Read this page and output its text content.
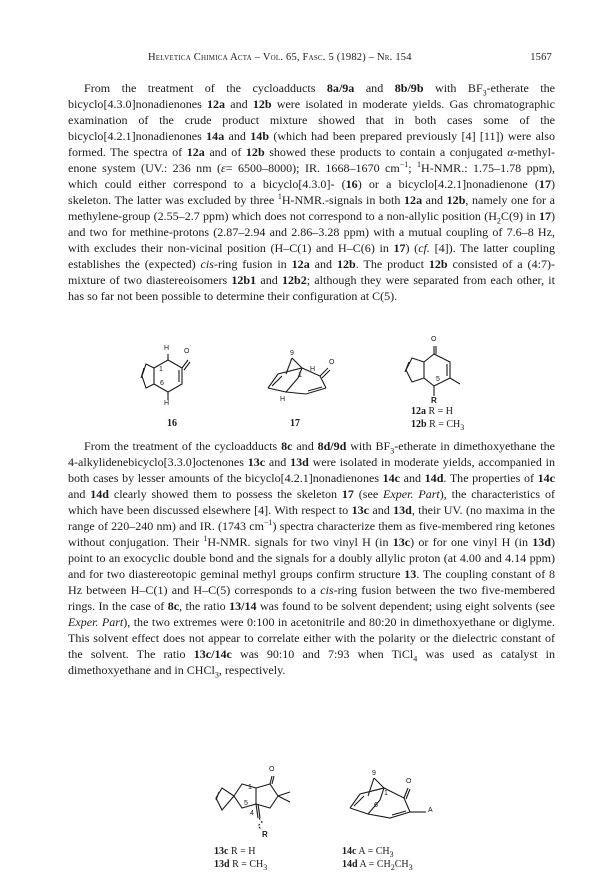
Helvetica Chimica Acta – Vol. 65, Fasc. 5 (1982) – Nr. 154	1567

From the treatment of the cycloadducts 8a/9a and 8b/9b with $BF_3$-etherate the bicyclo[4.3.0]nonadienones 12a and 12b were isolated in moderate yields. Gas chromatographic examination of the crude product mixture showed that in both cases some of the bicyclo[4.2.1]nonadienones 14a and 14b (which had been prepared previously [4] [11]) were also formed. The spectra of 12a and of 12b showed these products to contain a conjugated α-methyl-enone system (UV.: 236 nm (ε= 6500–8000); IR. 1668–1670 $cm^{-1}$; $^1$H-NMR.: 1.75–1.78 ppm), which could either correspond to a bicyclo[4.3.0]- (16) or a bicyclo[4.2.1]nonadienone (17) skeleton. The latter was excluded by three $^1$H-NMR.-signals in both 12a and 12b, namely one for a methylene-group (2.55–2.7 ppm) which does not correspond to a non-allylic position ($H_2C(9)$ in 17) and two for methine-protons (2.87–2.94 and 2.86–3.28 ppm) with a mutual coupling of 7.6–8 Hz, with excludes their non-vicinal position (H–C(1) and H–C(6) in 17) (cf. [4]). The latter coupling establishes the (expected) cis-ring fusion in 12a and 12b. The product 12b consisted of a (4:7)-mixture of two diastereoisomers 12b1 and 12b2; although they were separated from each other, it has so far not been possible to determine their configuration at C(5).

H O
1
6
H
16
O
9
H
H
1
17
O
5
R
12a R = H
12b $R = CH_3$

From the treatment of the cycloadducts 8c and 8d/9d with $BF_3$-etherate in dimethoxyethane the 4-alkylidenebicyclo[3.3.0]octenones 13c and 13d were isolated in moderate yields, accompanied in both cases by lesser amounts of the bicyclo[4.2.1]nonadienones 14c and 14d. The properties of 14c and 14d clearly showed them to possess the skeleton 17 (see Exper. Part), the characteristics of which have been discussed elsewhere [4]. With respect to 13c and 13d, their UV. (no maxima in the range of 220–240 nm) and IR. (1743 $cm^{-1}$) spectra characterize them as five-membered ring ketones without conjugation. Their $^1$H-NMR. signals for two vinyl H (in 13c) or for one vinyl H (in 13d) point to an exocyclic double bond and the signals for a doubly allylic proton (at 4.00 and 4.14 ppm) and for two diastereotopic geminal methyl groups confirm structure 13. The coupling constant of 8 Hz between H–C(1) and H–C(5) corresponds to a cis-ring fusion between the two five-membered rings. In the case of 8c, the ratio 13/14 was found to be solvent dependent; using eight solvents (see Exper. Part), the two extremes were 0:100 in acetonitrile and 80:20 in dimethoxyethane or diglyme. This solvent effect does not appear to correlate either with the polarity or the dielectric constant of the solvent. The ratio 13c/14c was 90:10 and 7:93 when TiCl$_4$ was used as catalyst in dimethoxyethane and in CHCl$_3$, respectively.

O
1
5
4
R
13c R = H
13d $R = CH_3$
O
A
9
1
6
14c $A = CH_3$
14d $A = CH_2CH_3$
